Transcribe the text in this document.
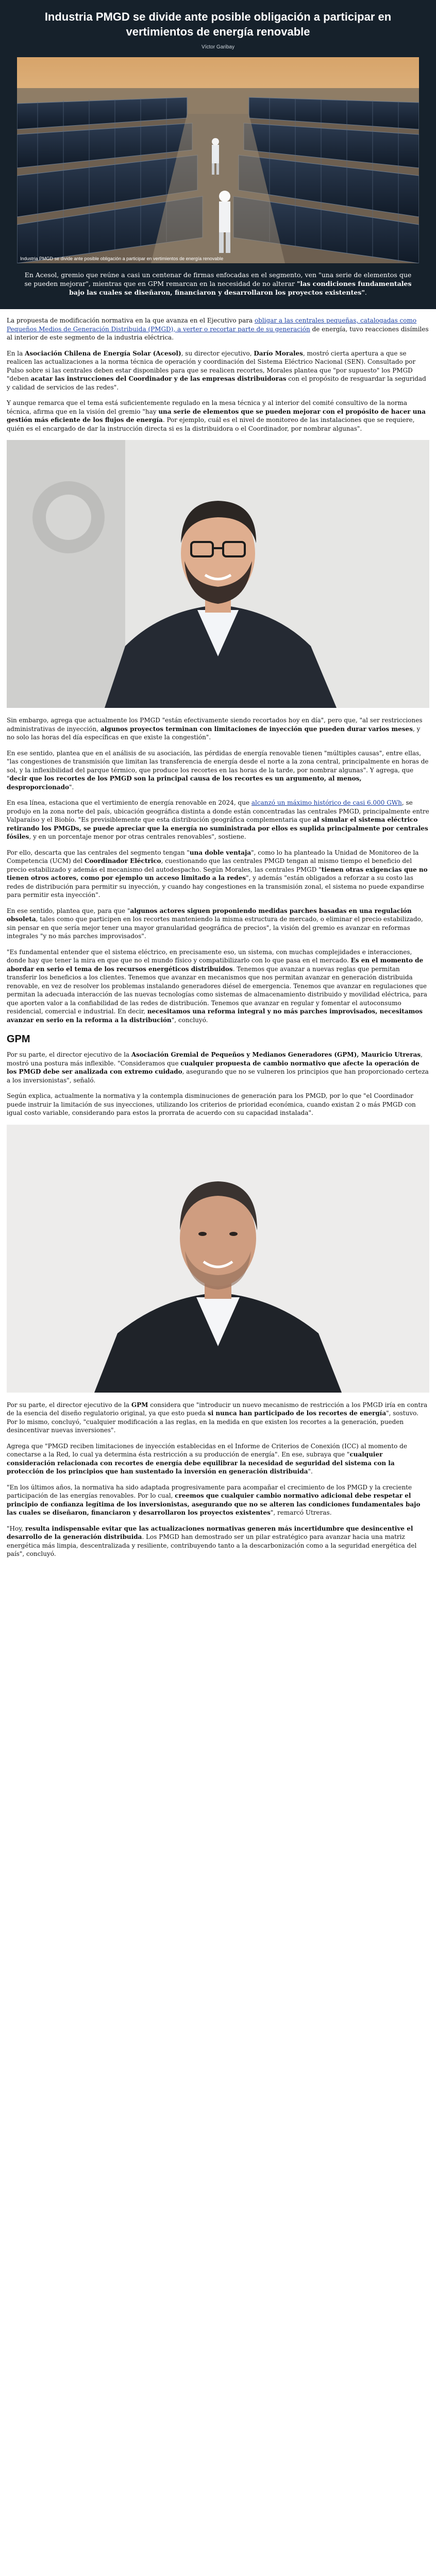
Industria PMGD se divide ante posible obligación a participar en vertimientos de energía renovable
Víctor Garibay
Industria PMGD se divide ante posible obligación a participar en vertimientos de energía renovable

En Acesol, gremio que reúne a casi un centenar de firmas enfocadas en el segmento, ven "una serie de elementos que se pueden mejorar", mientras que en GPM remarcan en la necesidad de no alterar "las condiciones fundamentales bajo las cuales se diseñaron, financiaron y desarrollaron los proyectos existentes".

La propuesta de modificación normativa en la que avanza en el Ejecutivo para obligar a las centrales pequeñas, catalogadas como Pequeños Medios de Generación Distribuida (PMGD), a verter o recortar parte de su generación de energía, tuvo reacciones disímiles al interior de este segmento de la industria eléctrica.

En la Asociación Chilena de Energía Solar (Acesol), su director ejecutivo, Darío Morales, mostró cierta apertura a que se realicen las actualizaciones a la norma técnica de operación y coordinación del Sistema Eléctrico Nacional (SEN). Consultado por Pulso sobre si las centrales deben estar disponibles para que se realicen recortes, Morales plantea que "por supuesto" los PMGD "deben acatar las instrucciones del Coordinador y de las empresas distribuidoras con el propósito de resguardar la seguridad y calidad de servicios de las redes".

Y aunque remarca que el tema está suficientemente regulado en la mesa técnica y al interior del comité consultivo de la norma técnica, afirma que en la visión del gremio "hay una serie de elementos que se pueden mejorar con el propósito de hacer una gestión más eficiente de los flujos de energía. Por ejemplo, cuál es el nivel de monitoreo de las instalaciones que se requiere, quién es el encargado de dar la instrucción directa si es la distribuidora o el Coordinador, por nombrar algunas".

Sin embargo, agrega que actualmente los PMGD "están efectivamente siendo recortados hoy en día", pero que, "al ser restricciones administrativas de inyección, algunos proyectos terminan con limitaciones de inyección que pueden durar varios meses, y no solo las horas del día específicas en que existe la congestión".

En ese sentido, plantea que en el análisis de su asociación, las pérdidas de energía renovable tienen "múltiples causas", entre ellas, "las congestiones de transmisión que limitan las transferencia de energía desde el norte a la zona central, principalmente en horas de sol, y la inflexibilidad del parque térmico, que produce los recortes en las horas de la tarde, por nombrar algunas". Y agrega, que "decir que los recortes de los PMGD son la principal causa de los recortes es un argumento, al menos, desproporcionado".

En esa línea, estaciona que el vertimiento de energía renovable en 2024, que alcanzó un máximo histórico de casi 6.000 GWh, se produjo en la zona norte del país, ubicación geográfica distinta a donde están concentradas las centrales PMGD, principalmente entre Valparaíso y el Biobío. "Es previsiblemente que esta distribución geográfica complementaria que al simular el sistema eléctrico retirando los PMGDs, se puede apreciar que la energía no suministrada por ellos es suplida principalmente por centrales fósiles, y en un porcentaje menor por otras centrales renovables", sostiene.

Por ello, descarta que las centrales del segmento tengan "una doble ventaja", como lo ha planteado la Unidad de Monitoreo de la Competencia (UCM) del Coordinador Eléctrico, cuestionando que las centrales PMGD tengan al mismo tiempo el beneficio del precio estabilizado y además el mecanismo del autodespacho. Según Morales, las centrales PMGD "tienen otras exigencias que no tienen otros actores, como por ejemplo un acceso limitado a la redes", y además "están obligados a reforzar a su costo las redes de distribución para permitir su inyección, y cuando hay congestiones en la transmisión zonal, el sistema no puede expandirse para permitir esta inyección".

En ese sentido, plantea que, para que "algunos actores siguen proponiendo medidas parches basadas en una regulación obsoleta, tales como que participen en los recortes manteniendo la misma estructura de mercado, o eliminar el precio estabilizado, sin pensar en que sería mejor tener una mayor granularidad geográfica de precios", la visión del gremio es avanzar en reformas integrales "y no más parches improvisados".

"Es fundamental entender que el sistema eléctrico, en precisamente eso, un sistema, con muchas complejidades e interacciones, donde hay que tener la mira en que que no el mundo físico y compatibilizarlo con lo que pasa en el mercado. Es en el momento de abordar en serio el tema de los recursos energéticos distribuidos. Tenemos que avanzar a nuevas reglas que permitan transferir los beneficios a los clientes. Tenemos que avanzar en mecanismos que nos permitan avanzar en generación distribuida renovable, en vez de resolver los problemas instalando generadores diésel de emergencia. Tenemos que avanzar en regulaciones que permitan la adecuada interacción de las nuevas tecnologías como sistemas de almacenamiento distribuido y movilidad eléctrica, para que aporten valor a la confiabilidad de las redes de distribución. Tenemos que avanzar en regular y fomentar el autoconsumo residencial, comercial e industrial. En decir, necesitamos una reforma integral y no más parches improvisados, necesitamos avanzar en serio en la reforma a la distribución", concluyó.

GPM

Por su parte, el director ejecutivo de la Asociación Gremial de Pequeños y Medianos Generadores (GPM), Mauricio Utreras, mostró una postura más inflexible. "Consideramos que cualquier propuesta de cambio normativo que afecte la operación de los PMGD debe ser analizada con extremo cuidado, asegurando que no se vulneren los principios que han proporcionado certeza a los inversionistas", señaló.

Según explica, actualmente la normativa y la contempla disminuciones de generación para los PMGD, por lo que "el Coordinador puede instruir la limitación de sus inyecciones, utilizando los criterios de prioridad económica, cuando existan 2 o más PMGD con igual costo variable, considerando para estos la prorrata de acuerdo con su capacidad instalada".

Por su parte, el director ejecutivo de la GPM considera que "introducir un nuevo mecanismo de restricción a los PMGD iría en contra de la esencia del diseño regulatorio original, ya que esto pueda si nunca han participado de los recortes de energía", sostuvo. Por lo mismo, concluyó, "cualquier modificación a las reglas, en la medida en que existen los recortes a la generación, pueden desincentivar nuevas inversiones".

Agrega que "PMGD reciben limitaciones de inyección establecidas en el Informe de Criterios de Conexión (ICC) al momento de conectarse a la Red, lo cual ya determina ésta restricción a su producción de energía". En ese, subraya que "cualquier consideración relacionada con recortes de energía debe equilibrar la necesidad de seguridad del sistema con la protección de los principios que han sustentado la inversión en generación distribuida".

"En los últimos años, la normativa ha sido adaptada progresivamente para acompañar el crecimiento de los PMGD y la creciente participación de las energías renovables. Por lo cual, creemos que cualquier cambio normativo adicional debe respetar el principio de confianza legítima de los inversionistas, asegurando que no se alteren las condiciones fundamentales bajo las cuales se diseñaron, financiaron y desarrollaron los proyectos existentes", remarcó Utreras.

"Hoy, resulta indispensable evitar que las actualizaciones normativas generen más incertidumbre que desincentive el desarrollo de la generación distribuida. Los PMGD han demostrado ser un pilar estratégico para avanzar hacia una matriz energética más limpia, descentralizada y resiliente, contribuyendo tanto a la descarbonización como a la seguridad energética del país", concluyó.
